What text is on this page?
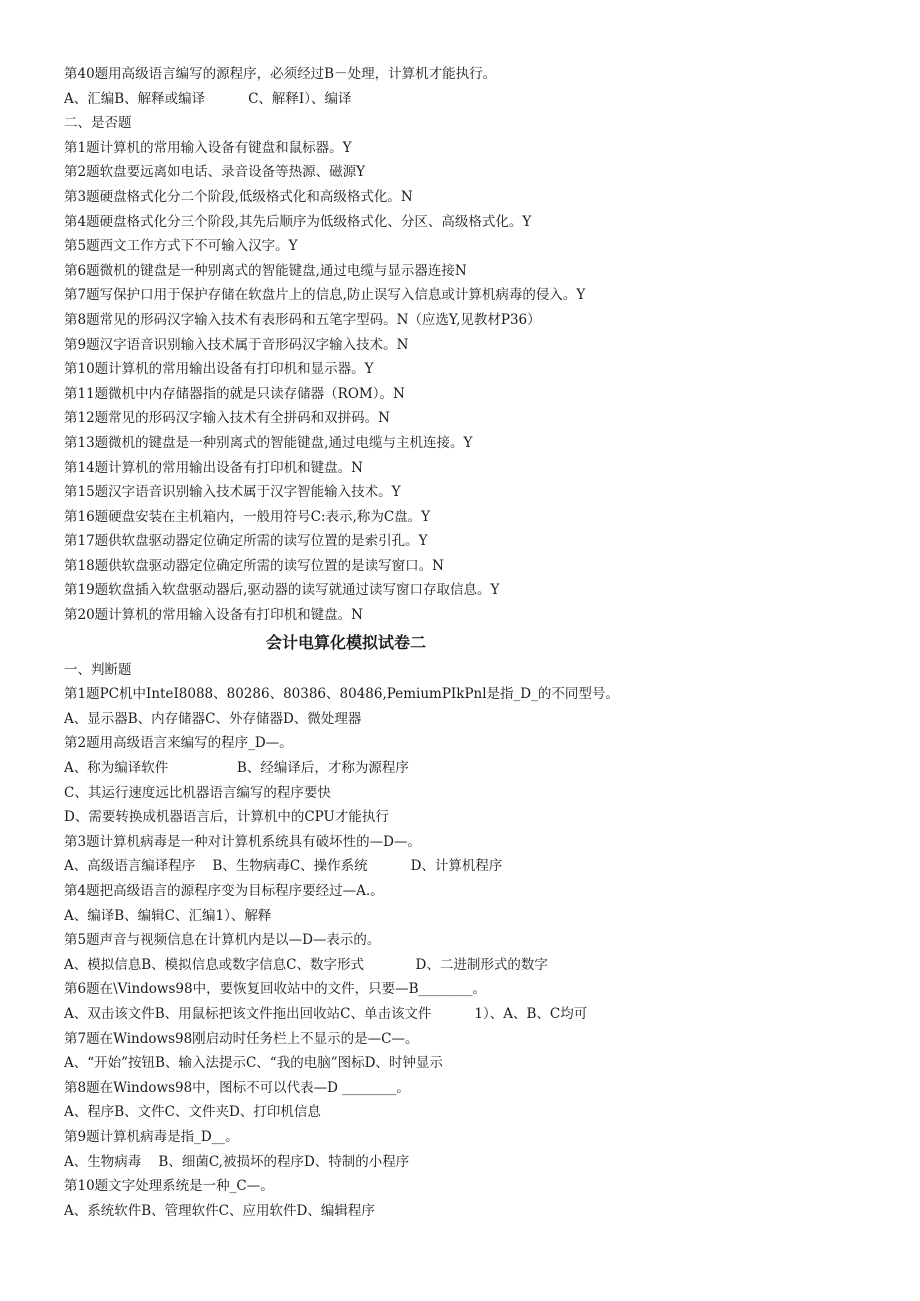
第40题用高级语言编写的源程序，必须经过B－处理，计算机才能执行。
A、汇编B、解释或编译          C、解释I）、编译
二、是否题
第1题计算机的常用输入设备有键盘和鼠标器。Y
第2题软盘要远离如电话、录音设备等热源、磁源Y
第3题硬盘格式化分二个阶段,低级格式化和高级格式化。N
第4题硬盘格式化分三个阶段,其先后顺序为低级格式化、分区、高级格式化。Y
第5题西文工作方式下不可输入汉字。Y
第6题微机的键盘是一种别离式的智能键盘,通过电缆与显示器连接N
第7题写保护口用于保护存储在软盘片上的信息,防止误写入信息或计算机病毒的侵入。Y
第8题常见的形码汉字输入技术有表形码和五笔字型码。N（应选Y,见教材P36）
第9题汉字语音识别输入技术属于音形码汉字输入技术。N
第10题计算机的常用输出设备有打印机和显示器。Y
第11题微机中内存储器指的就是只读存储器（ROM）。N
第12题常见的形码汉字输入技术有全拼码和双拼码。N
第13题微机的键盘是一种别离式的智能键盘,通过电缆与主机连接。Y
第14题计算机的常用输出设备有打印机和键盘。N
第15题汉字语音识别输入技术属于汉字智能输入技术。Y
第16题硬盘安装在主机箱内，一般用符号C:表示,称为C盘。Y
第17题供软盘驱动器定位确定所需的读写位置的是索引孔。Y
第18题供软盘驱动器定位确定所需的读写位置的是读写窗口。N
第19题软盘插入软盘驱动器后,驱动器的读写就通过读写窗口存取信息。Y
第20题计算机的常用输入设备有打印机和键盘。N
会计电算化模拟试卷二
一、判断题
第1题PC机中InteI8088、80286、80386、80486,PemiumPIkPnl是指_D_的不同型号。
A、显示器B、内存储器C、外存储器D、微处理器
第2题用高级语言来编写的程序_D—。
A、称为编译软件                B、经编译后，才称为源程序
C、其运行速度远比机器语言编写的程序要快
D、需要转换成机器语言后，计算机中的CPU才能执行
第3题计算机病毒是一种对计算机系统具有破坏性的—D—。
A、高级语言编译程序    B、生物病毒C、操作系统          D、计算机程序
第4题把高级语言的源程序变为目标程序要经过—A.。
A、编译B、编辑C、汇编1）、解释
第5题声音与视频信息在计算机内是以—D—表示的。
A、模拟信息B、模拟信息或数字信息C、数字形式            D、二进制形式的数字
第6题在\Vindows98中，要恢复回收站中的文件，只要—B________。
A、双击该文件B、用鼠标把该文件拖出回收站C、单击该文件          1）、A、B、C均可
第7题在Windows98刚启动时任务栏上不显示的是—C—。
A、“开始”按钮B、输入法提示C、“我的电脑”图标D、时钟显示
第8题在Windows98中，图标不可以代表—D ________。
A、程序B、文件C、文件夹D、打印机信息
第9题计算机病毒是指_D__。
A、生物病毒    B、细菌C,被损坏的程序D、特制的小程序
第10题文字处理系统是一种_C—。
A、系统软件B、管理软件C、应用软件D、编辑程序
